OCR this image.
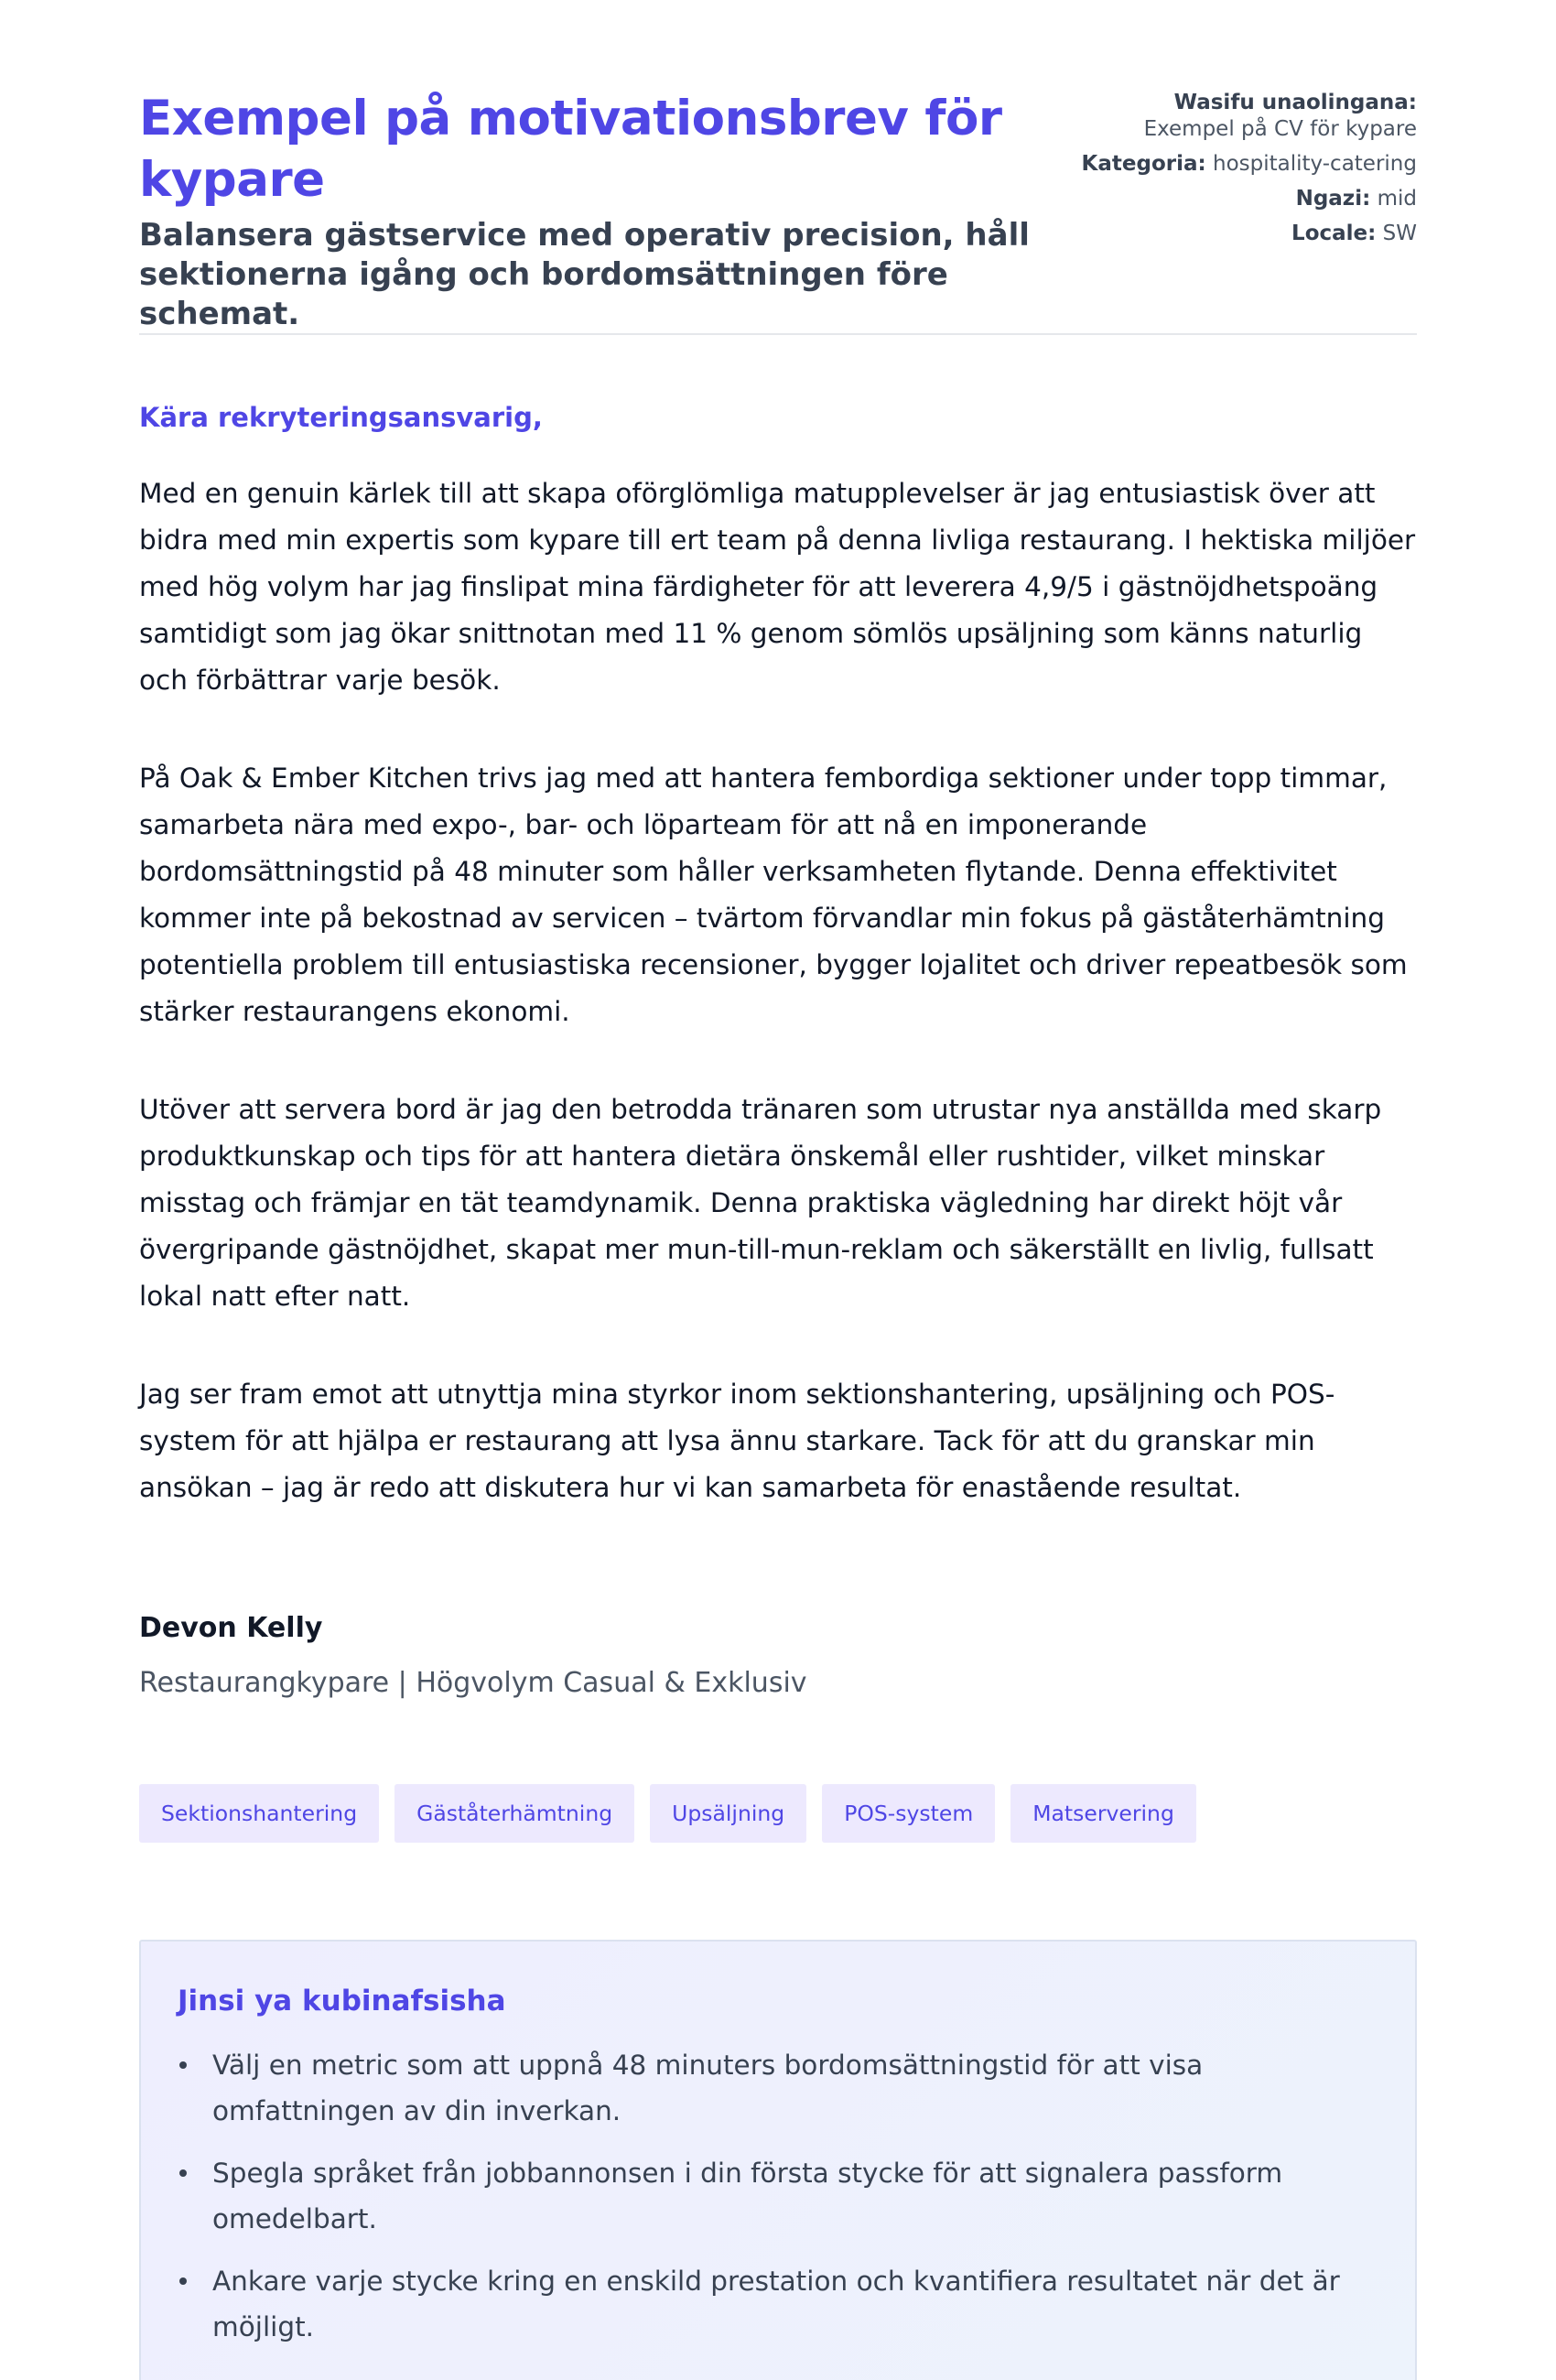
Exempel på motivationsbrev för kypare
Balansera gästservice med operativ precision, håll sektionerna igång och bordomsättningen före schemat.
Wasifu unaolingana:
Exempel på CV för kypare
Kategoria: hospitality-catering
Ngazi: mid
Locale: SW

Kära rekryteringsansvarig,

Med en genuin kärlek till att skapa oförglömliga matupplevelser är jag entusiastisk över att bidra med min expertis som kypare till ert team på denna livliga restaurang. I hektiska miljöer med hög volym har jag finslipat mina färdigheter för att leverera 4,9/5 i gästnöjdhetspoäng samtidigt som jag ökar snittnotan med 11 % genom sömlös upsäljning som känns naturlig och förbättrar varje besök.

På Oak & Ember Kitchen trivs jag med att hantera fembordiga sektioner under topp timmar, samarbeta nära med expo-, bar- och löparteam för att nå en imponerande bordomsättningstid på 48 minuter som håller verksamheten flytande. Denna effektivitet kommer inte på bekostnad av servicen – tvärtom förvandlar min fokus på gäståterhämtning potentiella problem till entusiastiska recensioner, bygger lojalitet och driver repeatbesök som stärker restaurangens ekonomi.

Utöver att servera bord är jag den betrodda tränaren som utrustar nya anställda med skarp produktkunskap och tips för att hantera dietära önskemål eller rushtider, vilket minskar misstag och främjar en tät teamdynamik. Denna praktiska vägledning har direkt höjt vår övergripande gästnöjdhet, skapat mer mun-till-mun-reklam och säkerställt en livlig, fullsatt lokal natt efter natt.

Jag ser fram emot att utnyttja mina styrkor inom sektionshantering, upsäljning och POS-system för att hjälpa er restaurang att lysa ännu starkare. Tack för att du granskar min ansökan – jag är redo att diskutera hur vi kan samarbeta för enastående resultat.

Devon Kelly
Restaurangkypare | Högvolym Casual & Exklusiv
Sektionshantering	Gäståterhämtning	Upsäljning	POS-system	Matservering
Jinsi ya kubinafsisha
Välj en metric som att uppnå 48 minuters bordomsättningstid för att visa omfattningen av din inverkan.
Spegla språket från jobbannonsen i din första stycke för att signalera passform omedelbart.
Ankare varje stycke kring en enskild prestation och kvantifiera resultatet när det är möjligt.
